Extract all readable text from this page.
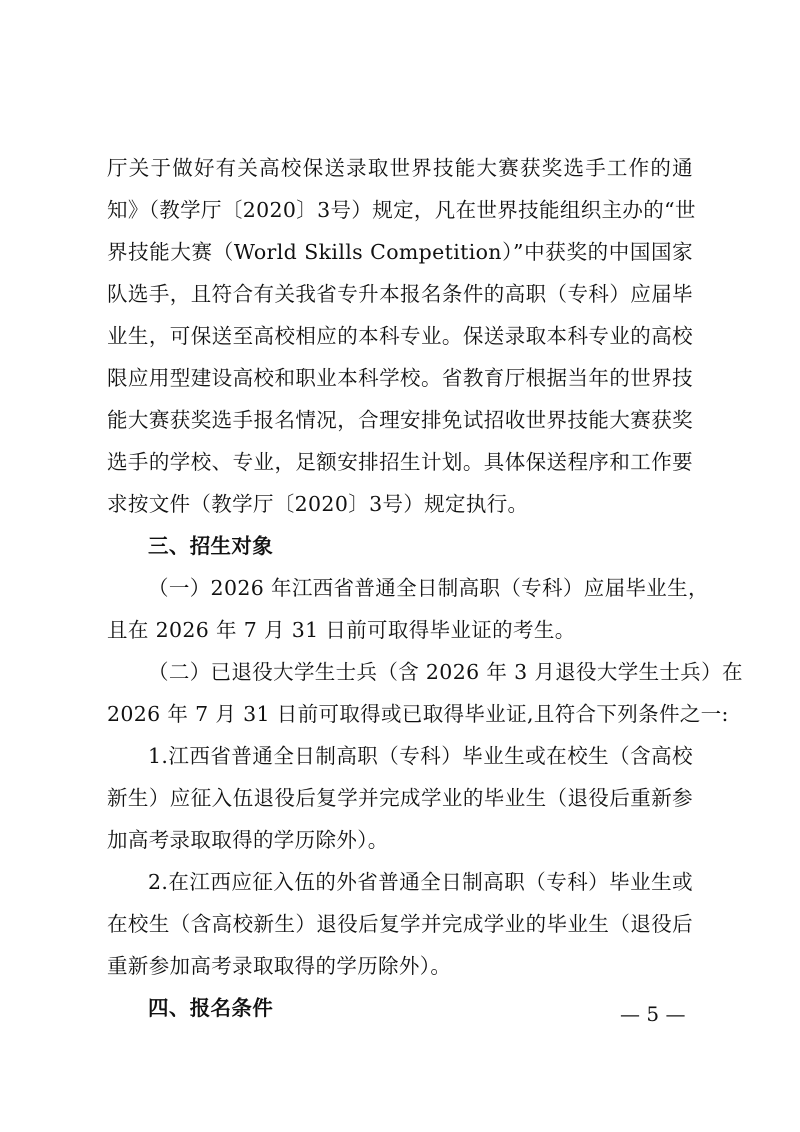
厅关于做好有关高校保送录取世界技能大赛获奖选手工作的通
知》（教学厅〔2020〕3号）规定，凡在世界技能组织主办的“世
界技能大赛（World Skills Competition）”中获奖的中国国家
队选手，且符合有关我省专升本报名条件的高职（专科）应届毕
业生，可保送至高校相应的本科专业。保送录取本科专业的高校
限应用型建设高校和职业本科学校。省教育厅根据当年的世界技
能大赛获奖选手报名情况，合理安排免试招收世界技能大赛获奖
选手的学校、专业，足额安排招生计划。具体保送程序和工作要
求按文件（教学厅〔2020〕3号）规定执行。
三、招生对象
（一）2026 年江西省普通全日制高职（专科）应届毕业生，
且在 2026 年 7 月 31 日前可取得毕业证的考生。
（二）已退役大学生士兵（含 2026 年 3 月退役大学生士兵）在
2026 年 7 月 31 日前可取得或已取得毕业证,且符合下列条件之一:
1.江西省普通全日制高职（专科）毕业生或在校生（含高校
新生）应征入伍退役后复学并完成学业的毕业生（退役后重新参
加高考录取取得的学历除外）。
2.在江西应征入伍的外省普通全日制高职（专科）毕业生或
在校生（含高校新生）退役后复学并完成学业的毕业生（退役后
重新参加高考录取取得的学历除外）。
四、报名条件	— 5 —
